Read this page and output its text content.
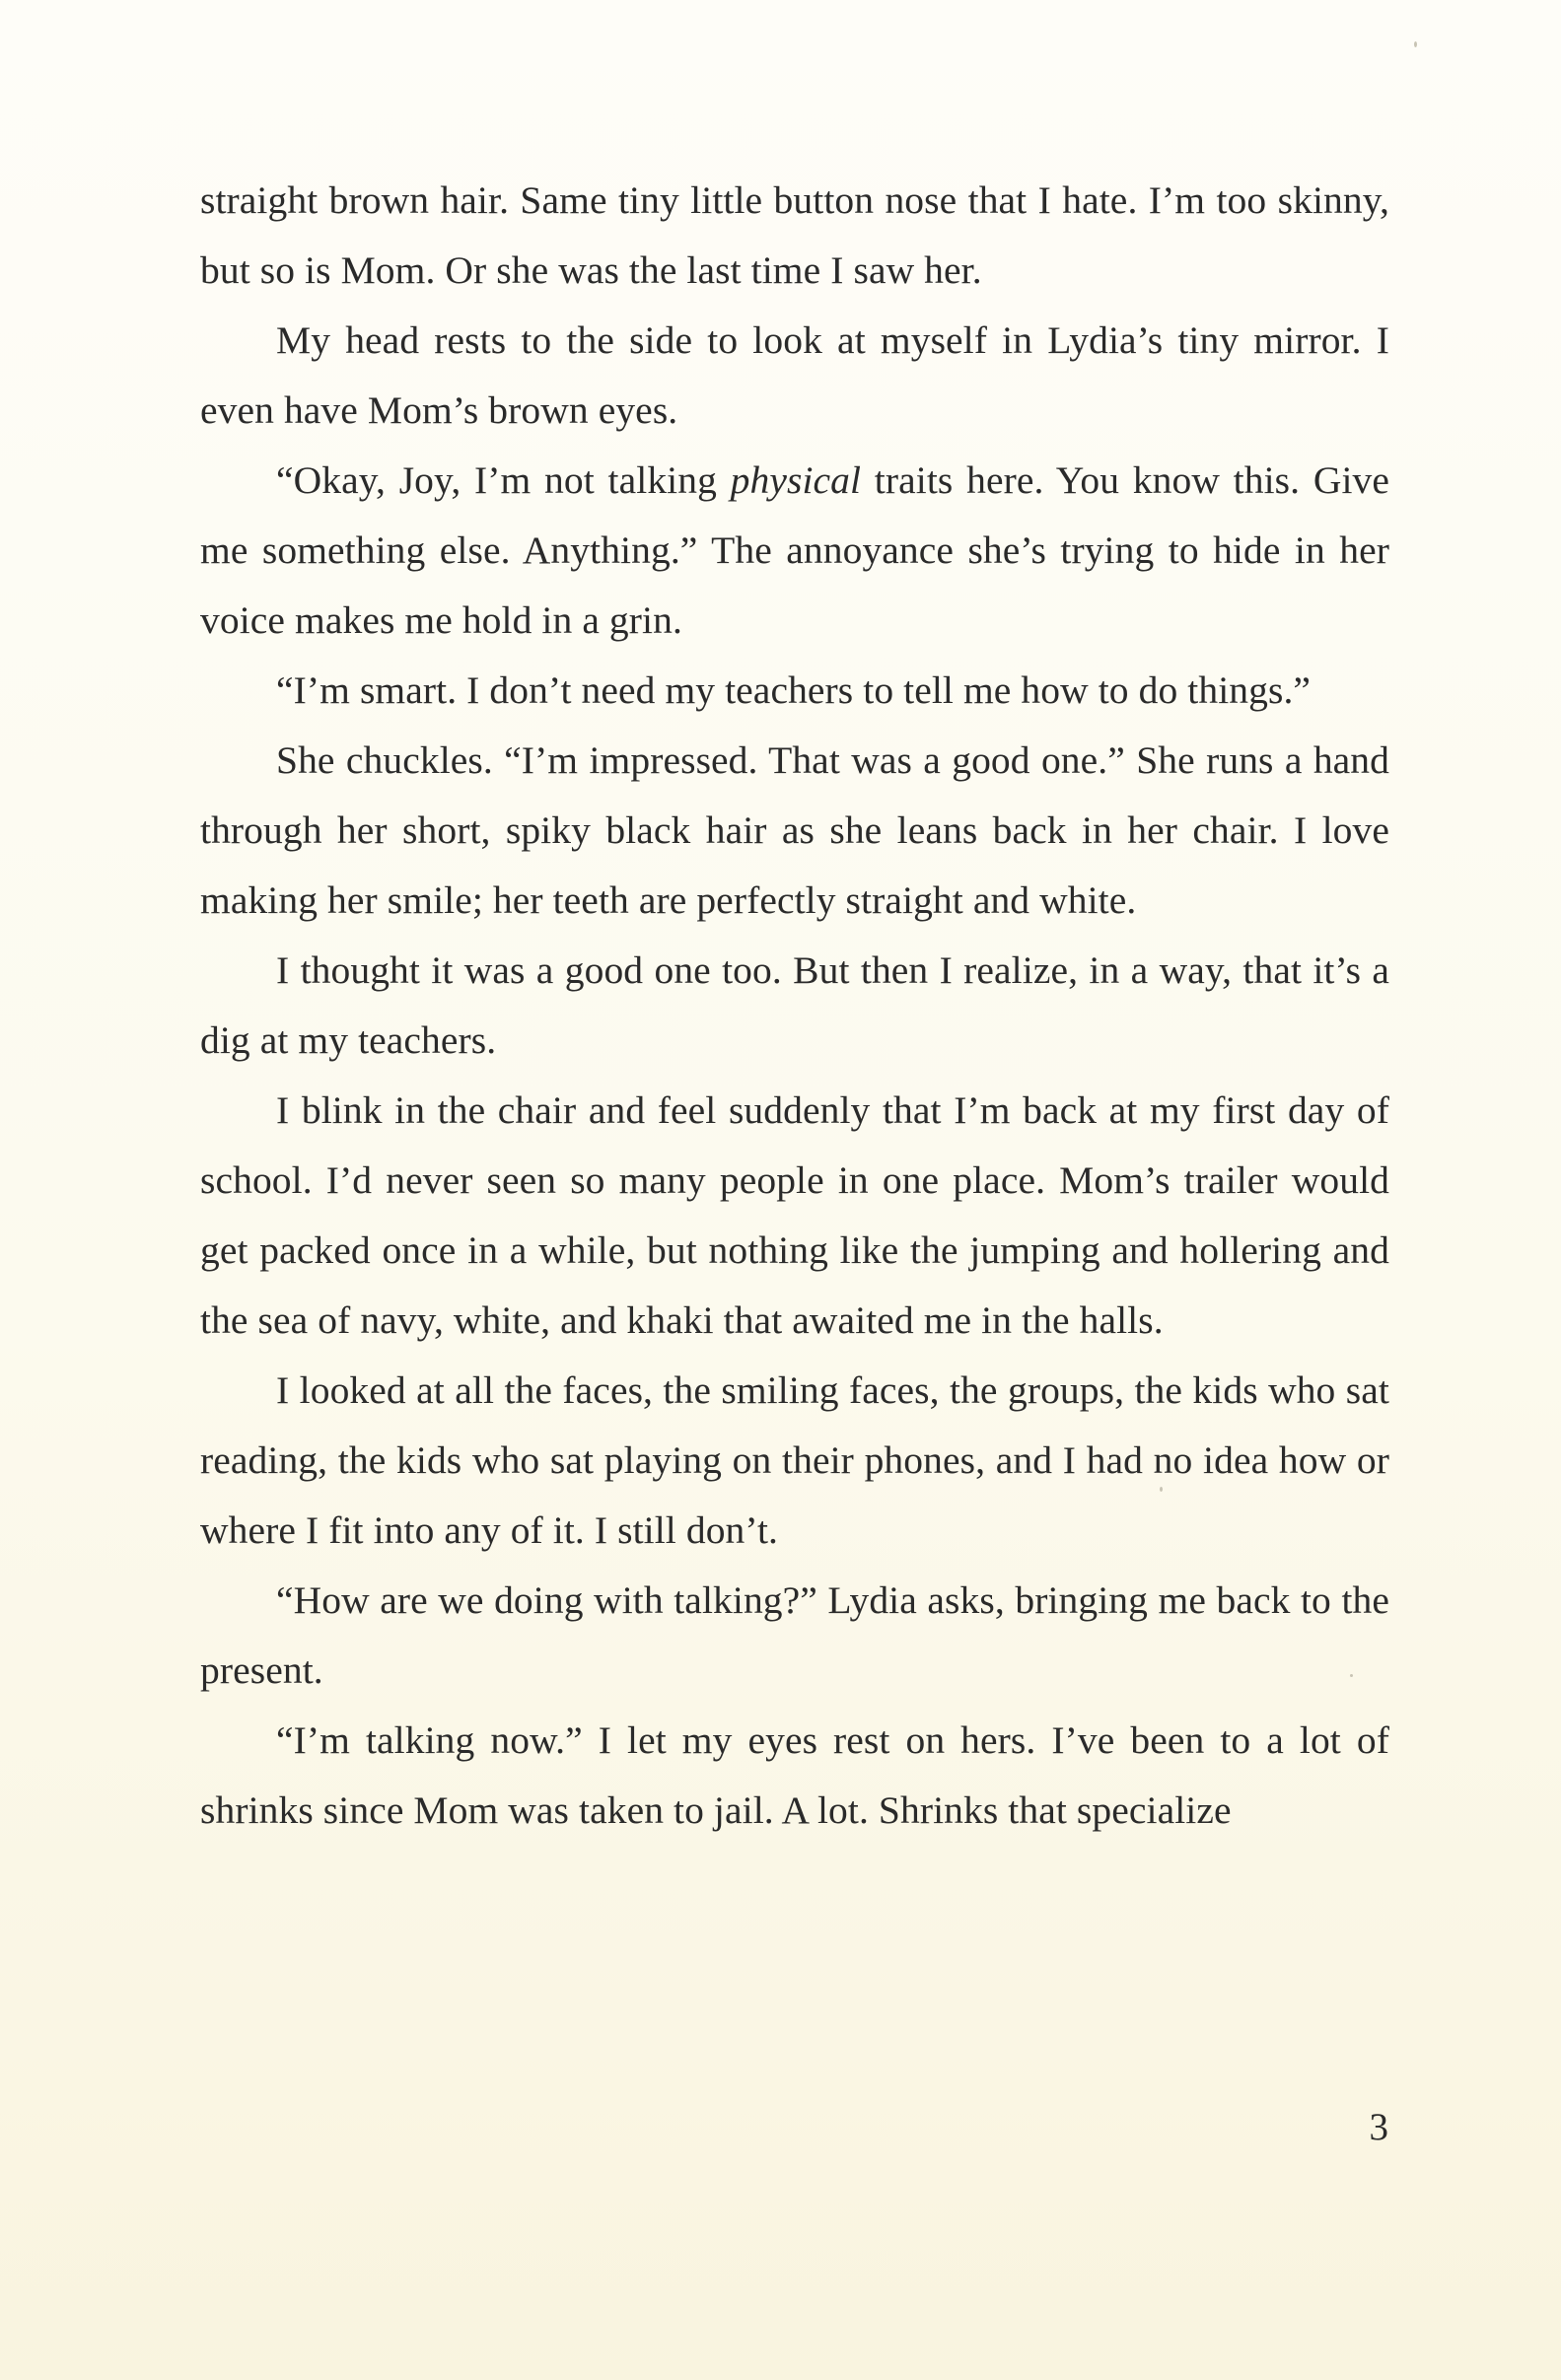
straight brown hair. Same tiny little button nose that I hate. I’m too skinny, but so is Mom. Or she was the last time I saw her.

My head rests to the side to look at myself in Lydia’s tiny mirror. I even have Mom’s brown eyes.

“Okay, Joy, I’m not talking physical traits here. You know this. Give me something else. Anything.” The annoyance she’s trying to hide in her voice makes me hold in a grin.

“I’m smart. I don’t need my teachers to tell me how to do things.”

She chuckles. “I’m impressed. That was a good one.” She runs a hand through her short, spiky black hair as she leans back in her chair. I love making her smile; her teeth are perfectly straight and white.

I thought it was a good one too. But then I realize, in a way, that it’s a dig at my teachers.

I blink in the chair and feel suddenly that I’m back at my first day of school. I’d never seen so many people in one place. Mom’s trailer would get packed once in a while, but nothing like the jumping and hollering and the sea of navy, white, and khaki that awaited me in the halls.

I looked at all the faces, the smiling faces, the groups, the kids who sat reading, the kids who sat playing on their phones, and I had no idea how or where I fit into any of it. I still don’t.

“How are we doing with talking?” Lydia asks, bringing me back to the present.

“I’m talking now.” I let my eyes rest on hers. I’ve been to a lot of shrinks since Mom was taken to jail. A lot. Shrinks that specialize

3
